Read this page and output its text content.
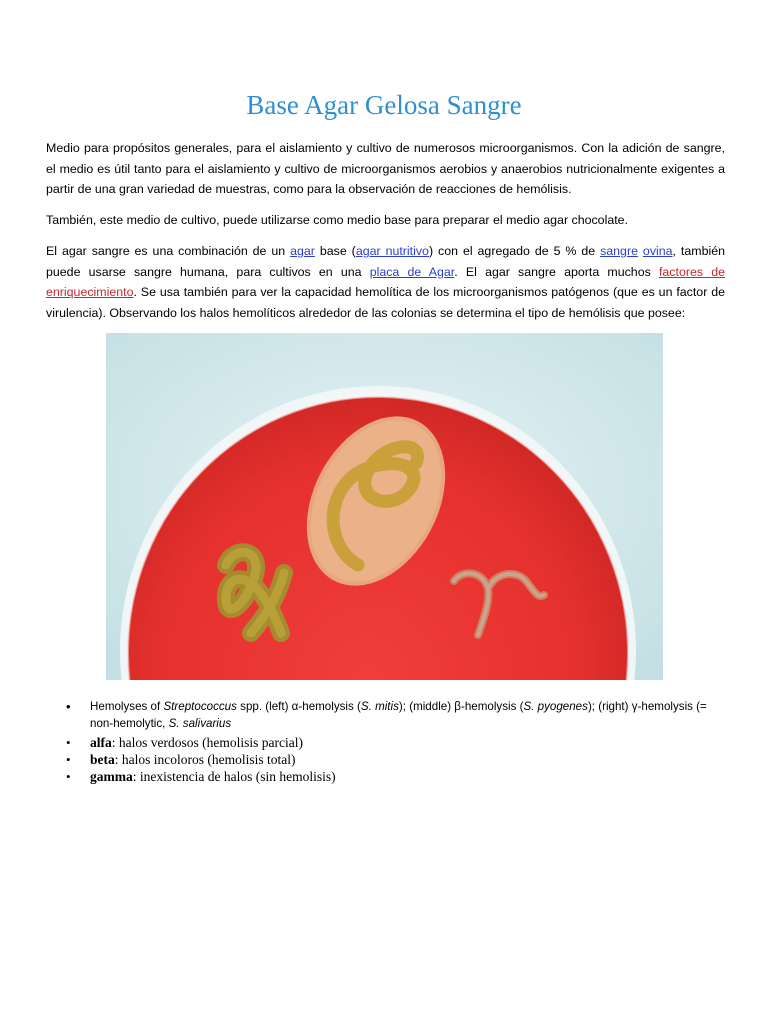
Base Agar Gelosa Sangre

Medio para propósitos generales, para el aislamiento y cultivo de numerosos microorganismos. Con la adición de sangre, el medio es útil tanto para el aislamiento y cultivo de microorganismos aerobios y anaerobios nutricionalmente exigentes a partir de una gran variedad de muestras, como para la observación de reacciones de hemólisis.

También, este medio de cultivo, puede utilizarse como medio base para preparar el medio agar chocolate.

El agar sangre es una combinación de un agar base (agar nutritivo) con el agregado de 5 % de sangre ovina, también puede usarse sangre humana, para cultivos en una placa de Agar. El agar sangre aporta muchos factores de enriquecimiento. Se usa también para ver la capacidad hemolítica de los microorganismos patógenos (que es un factor de virulencia). Observando los halos hemolíticos alrededor de las colonias se determina el tipo de hemólisis que posee:

• Hemolyses of Streptococcus spp. (left) α-hemolysis (S. mitis); (middle) β-hemolysis (S. pyogenes); (right) γ-hemolysis (= non-hemolytic, S. salivarius
• alfa: halos verdosos (hemolisis parcial)
• beta: halos incoloros (hemolisis total)
• gamma: inexistencia de halos (sin hemolisis)
